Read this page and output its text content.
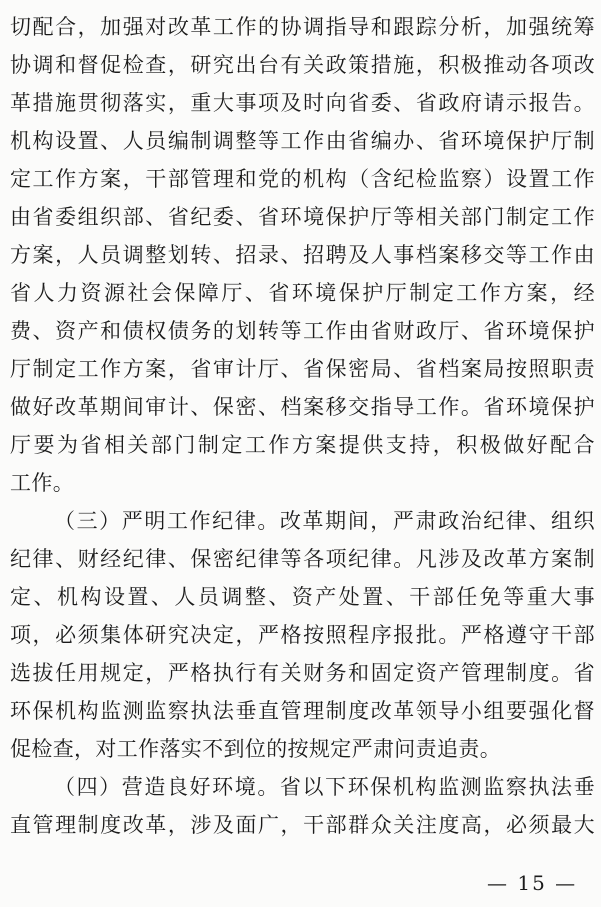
切配合，加强对改革工作的协调指导和跟踪分析，加强统筹
协调和督促检查，研究出台有关政策措施，积极推动各项改
革措施贯彻落实，重大事项及时向省委、省政府请示报告。
机构设置、人员编制调整等工作由省编办、省环境保护厅制
定工作方案，干部管理和党的机构（含纪检监察）设置工作
由省委组织部、省纪委、省环境保护厅等相关部门制定工作
方案，人员调整划转、招录、招聘及人事档案移交等工作由
省人力资源社会保障厅、省环境保护厅制定工作方案，经
费、资产和债权债务的划转等工作由省财政厅、省环境保护
厅制定工作方案，省审计厅、省保密局、省档案局按照职责
做好改革期间审计、保密、档案移交指导工作。省环境保护
厅要为省相关部门制定工作方案提供支持，积极做好配合
工作。
（三）严明工作纪律。改革期间，严肃政治纪律、组织
纪律、财经纪律、保密纪律等各项纪律。凡涉及改革方案制
定、机构设置、人员调整、资产处置、干部任免等重大事
项，必须集体研究决定，严格按照程序报批。严格遵守干部
选拔任用规定，严格执行有关财务和固定资产管理制度。省
环保机构监测监察执法垂直管理制度改革领导小组要强化督
促检查，对工作落实不到位的按规定严肃问责追责。
（四）营造良好环境。省以下环保机构监测监察执法垂
直管理制度改革，涉及面广，干部群众关注度高，必须最大
— 15 —
